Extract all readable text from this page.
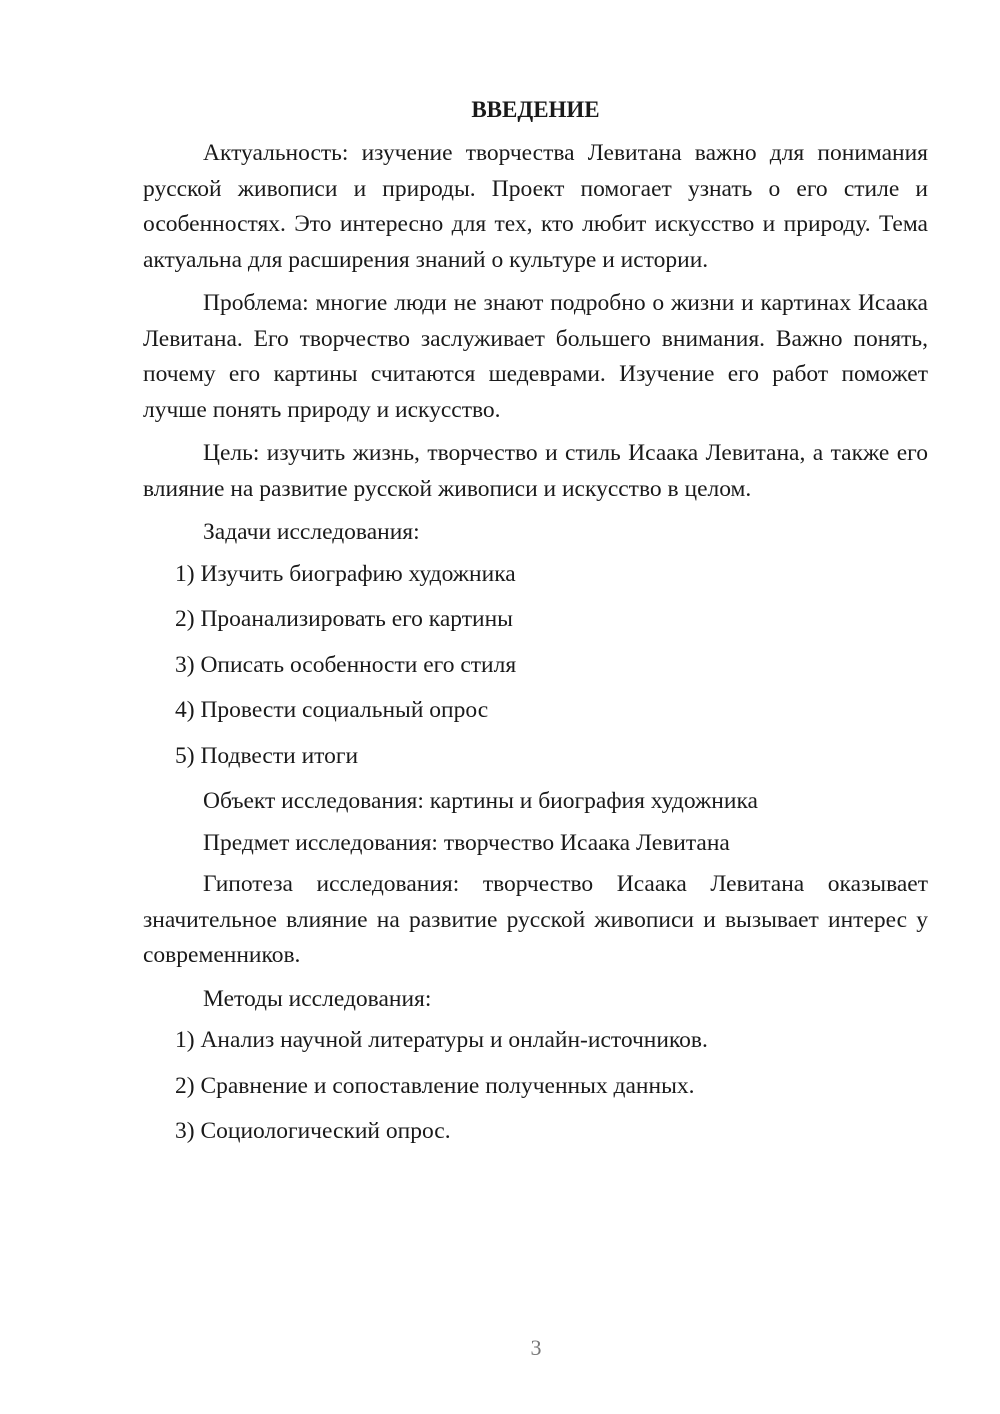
ВВЕДЕНИЕ

Актуальность: изучение творчества Левитана важно для понимания русской живописи и природы. Проект помогает узнать о его стиле и особенностях. Это интересно для тех, кто любит искусство и природу. Тема актуальна для расширения знаний о культуре и истории.

Проблема: многие люди не знают подробно о жизни и картинах Исаака Левитана. Его творчество заслуживает большего внимания. Важно понять, почему его картины считаются шедеврами. Изучение его работ поможет лучше понять природу и искусство.

Цель: изучить жизнь, творчество и стиль Исаака Левитана, а также его влияние на развитие русской живописи и искусство в целом.

Задачи исследования:

1) Изучить биографию художника
2) Проанализировать его картины
3) Описать особенности его стиля
4) Провести социальный опрос
5) Подвести итоги

Объект исследования: картины и биография художника

Предмет исследования: творчество Исаака Левитана

Гипотеза исследования: творчество Исаака Левитана оказывает значительное влияние на развитие русской живописи и вызывает интерес у современников.

Методы исследования:

1) Анализ научной литературы и онлайн-источников.
2) Сравнение и сопоставление полученных данных.
3) Социологический опрос.
3
